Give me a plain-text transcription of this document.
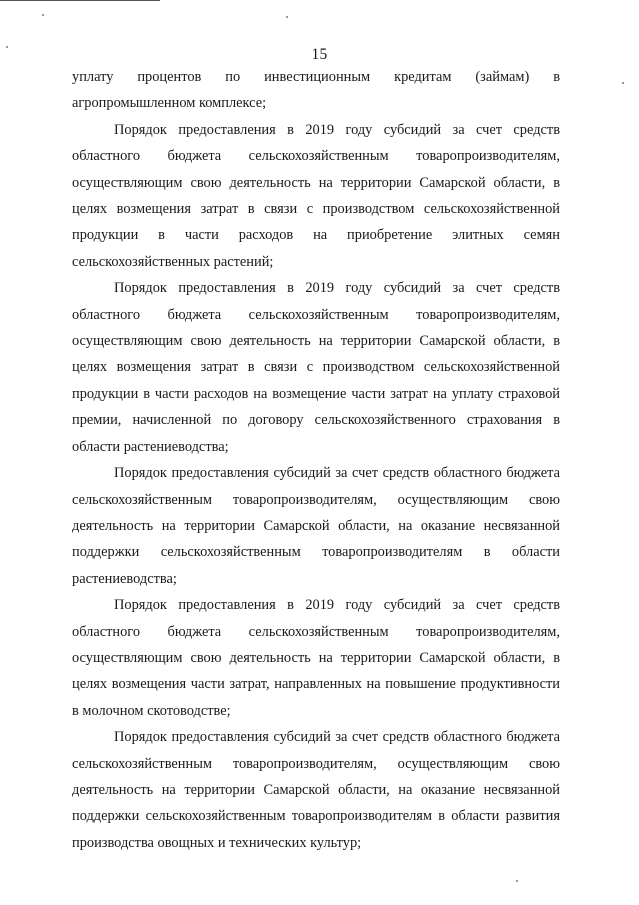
15

уплату процентов по инвестиционным кредитам (займам) в агропромышленном комплексе;

Порядок предоставления в 2019 году субсидий за счет средств областного бюджета сельскохозяйственным товаропроизводителям, осуществляющим свою деятельность на территории Самарской области, в целях возмещения затрат в связи с производством сельскохозяйственной продукции в части расходов на приобретение элитных семян сельскохозяйственных растений;

Порядок предоставления в 2019 году субсидий за счет средств областного бюджета сельскохозяйственным товаропроизводителям, осуществляющим свою деятельность на территории Самарской области, в целях возмещения затрат в связи с производством сельскохозяйственной продукции в части расходов на возмещение части затрат на уплату страховой премии, начисленной по договору сельскохозяйственного страхования в области растениеводства;

Порядок предоставления субсидий за счет средств областного бюджета сельскохозяйственным товаропроизводителям, осуществляющим свою деятельность на территории Самарской области, на оказание несвязанной поддержки сельскохозяйственным товаропроизводителям в области растениеводства;

Порядок предоставления в 2019 году субсидий за счет средств областного бюджета сельскохозяйственным товаропроизводителям, осуществляющим свою деятельность на территории Самарской области, в целях возмещения части затрат, направленных на повышение продуктивности в молочном скотоводстве;

Порядок предоставления субсидий за счет средств областного бюджета сельскохозяйственным товаропроизводителям, осуществляющим свою деятельность на территории Самарской области, на оказание несвязанной поддержки сельскохозяйственным товаропроизводителям в области развития производства овощных и технических культур;
